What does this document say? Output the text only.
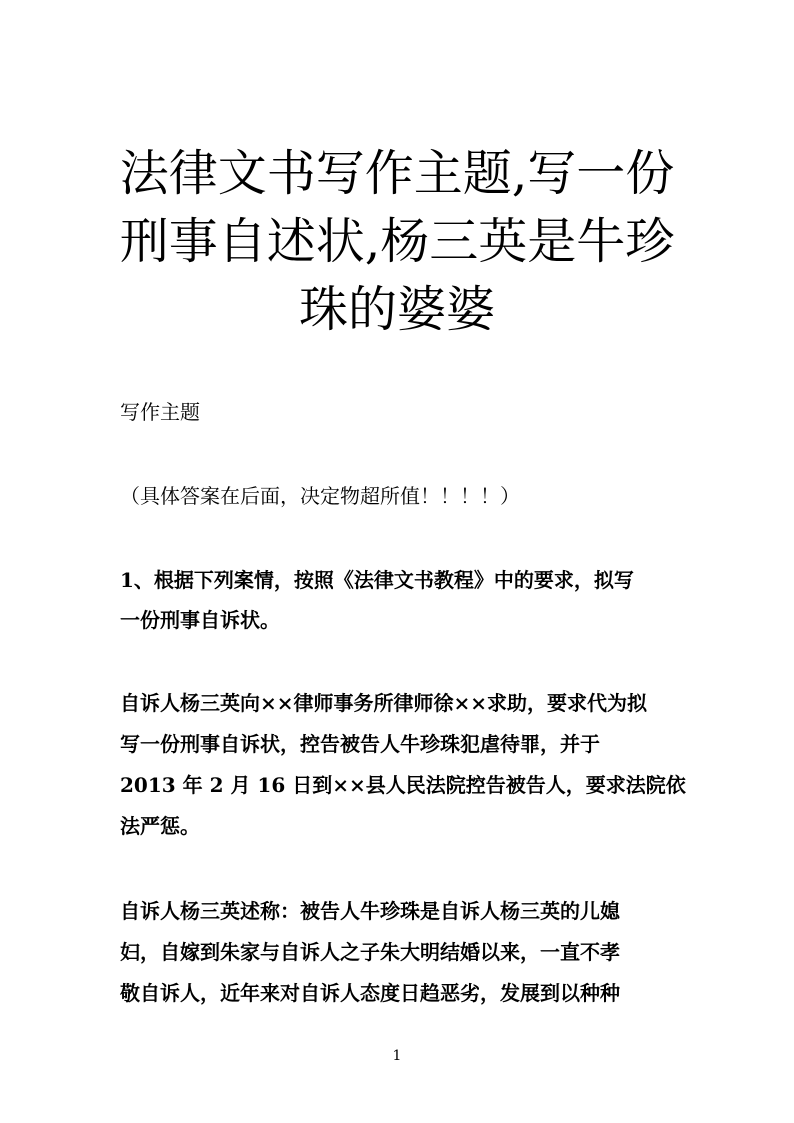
法律文书写作主题,写一份
刑事自述状,杨三英是牛珍
珠的婆婆

写作主题

（具体答案在后面，决定物超所值！！！！）

1、根据下列案情，按照《法律文书教程》中的要求，拟写

一份刑事自诉状。

自诉人杨三英向××律师事务所律师徐××求助，要求代为拟

写一份刑事自诉状，控告被告人牛珍珠犯虐待罪，并于

2013 年 2 月 16 日到××县人民法院控告被告人，要求法院依

法严惩。

自诉人杨三英述称：被告人牛珍珠是自诉人杨三英的儿媳

妇，自嫁到朱家与自诉人之子朱大明结婚以来，一直不孝

敬自诉人，近年来对自诉人态度日趋恶劣，发展到以种种

1
